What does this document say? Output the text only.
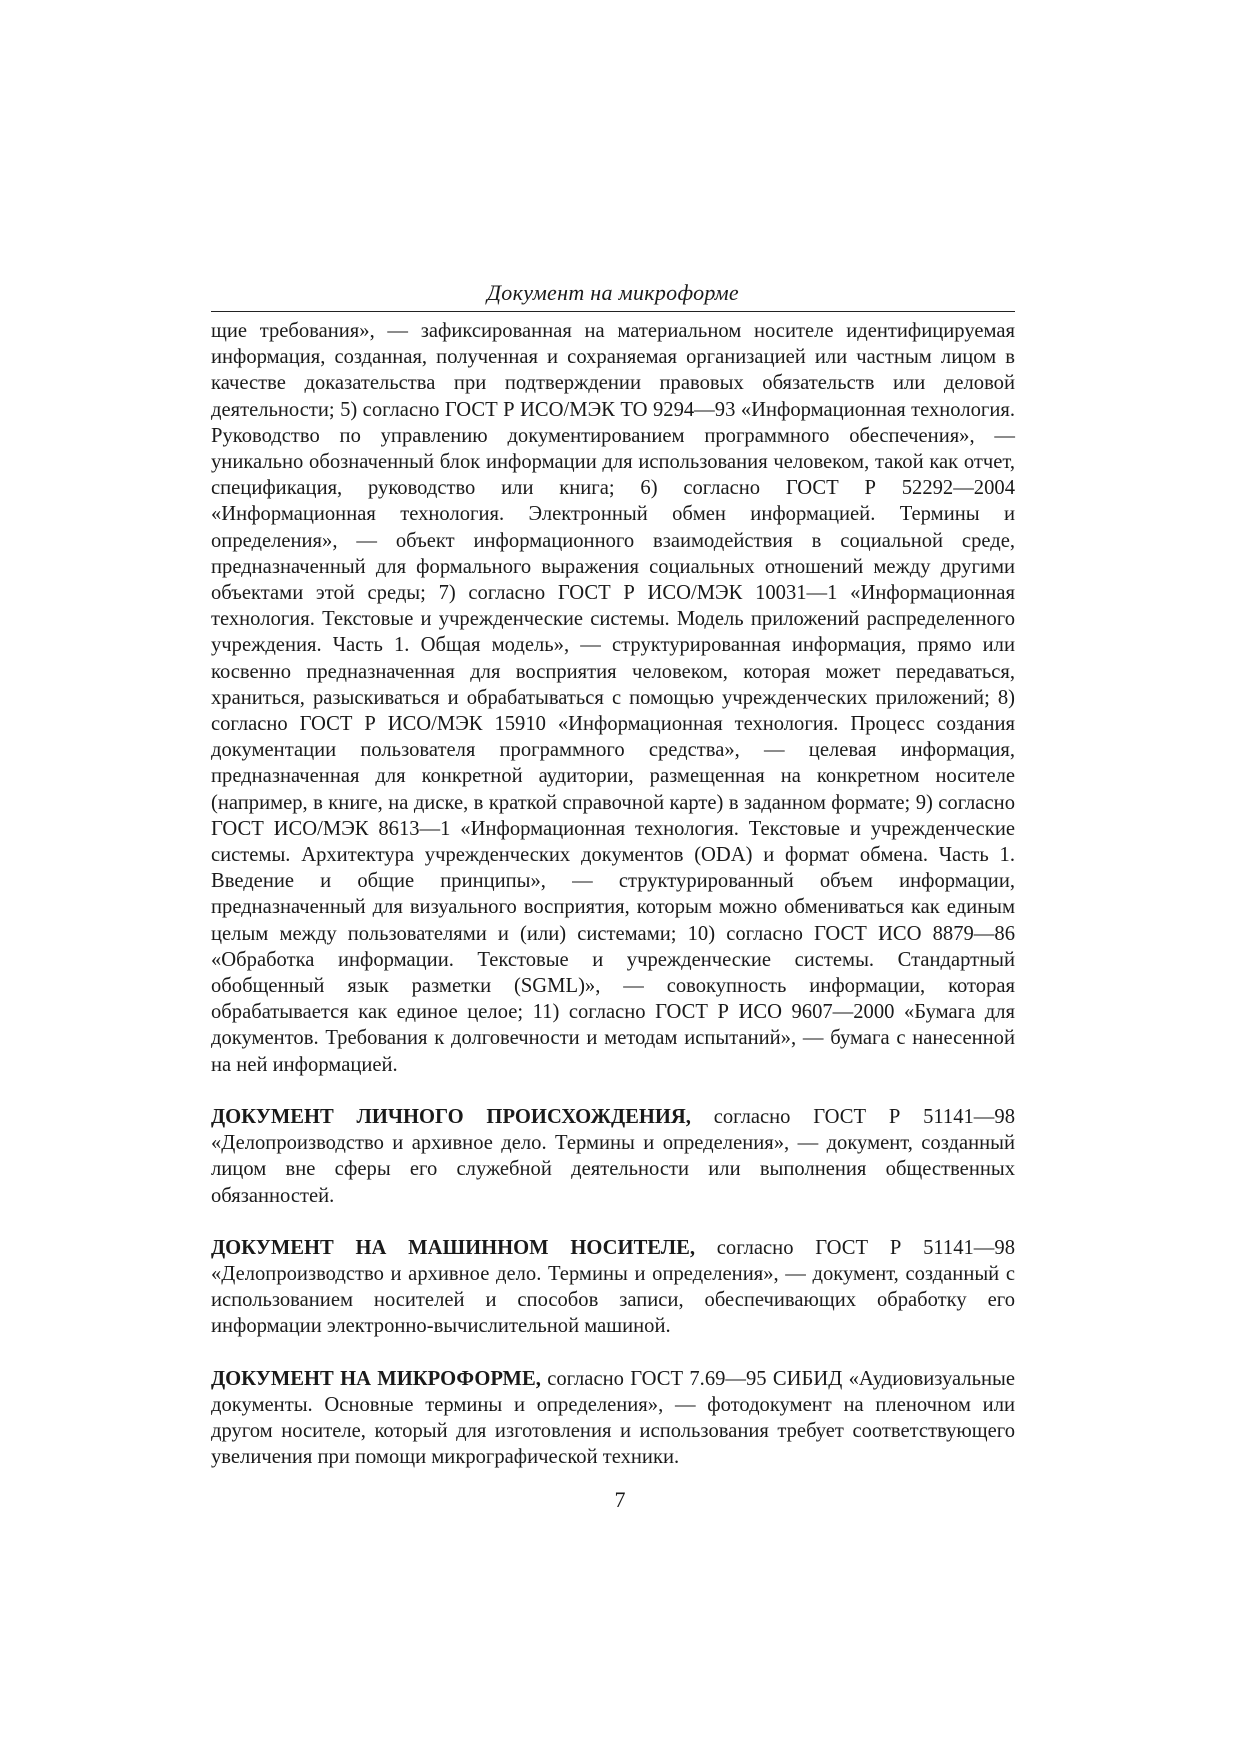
Документ на микроформе

щие требования», — зафиксированная на материальном носителе идентифицируемая информация, созданная, полученная и сохраняемая организацией или частным лицом в качестве доказательства при подтверждении правовых обязательств или деловой деятельности; 5) согласно ГОСТ Р ИСО/МЭК ТО 9294—93 «Информационная технология. Руководство по управлению документированием программного обеспечения», — уникально обозначенный блок информации для использования человеком, такой как отчет, спецификация, руководство или книга; 6) согласно ГОСТ Р 52292—2004 «Информационная технология. Электронный обмен информацией. Термины и определения», — объект информационного взаимодействия в социальной среде, предназначенный для формального выражения социальных отношений между другими объектами этой среды; 7) согласно ГОСТ Р ИСО/МЭК 10031—1 «Информационная технология. Текстовые и учрежденческие системы. Модель приложений распределенного учреждения. Часть 1. Общая модель», — структурированная информация, прямо или косвенно предназначенная для восприятия человеком, которая может передаваться, храниться, разыскиваться и обрабатываться с помощью учрежденческих приложений; 8) согласно ГОСТ Р ИСО/МЭК 15910 «Информационная технология. Процесс создания документации пользователя программного средства», — целевая информация, предназначенная для конкретной аудитории, размещенная на конкретном носителе (например, в книге, на диске, в краткой справочной карте) в заданном формате; 9) согласно ГОСТ ИСО/МЭК 8613—1 «Информационная технология. Текстовые и учрежденческие системы. Архитектура учрежденческих документов (ODA) и формат обмена. Часть 1. Введение и общие принципы», — структурированный объем информации, предназначенный для визуального восприятия, которым можно обмениваться как единым целым между пользователями и (или) системами; 10) согласно ГОСТ ИСО 8879—86 «Обработка информации. Текстовые и учрежденческие системы. Стандартный обобщенный язык разметки (SGML)», — совокупность информации, которая обрабатывается как единое целое; 11) согласно ГОСТ Р ИСО 9607—2000 «Бумага для документов. Требования к долговечности и методам испытаний», — бумага с нанесенной на ней информацией.

ДОКУМЕНТ ЛИЧНОГО ПРОИСХОЖДЕНИЯ, согласно ГОСТ Р 51141—98 «Делопроизводство и архивное дело. Термины и определения», — документ, созданный лицом вне сферы его служебной деятельности или выполнения общественных обязанностей.

ДОКУМЕНТ НА МАШИННОМ НОСИТЕЛЕ, согласно ГОСТ Р 51141—98 «Делопроизводство и архивное дело. Термины и определения», — документ, созданный с использованием носителей и способов записи, обеспечивающих обработку его информации электронно-вычислительной машиной.

ДОКУМЕНТ НА МИКРОФОРМЕ, согласно ГОСТ 7.69—95 СИБИД «Аудиовизуальные документы. Основные термины и определения», — фотодокумент на пленочном или другом носителе, который для изготовления и использования требует соответствующего увеличения при помощи микрографической техники.

7
